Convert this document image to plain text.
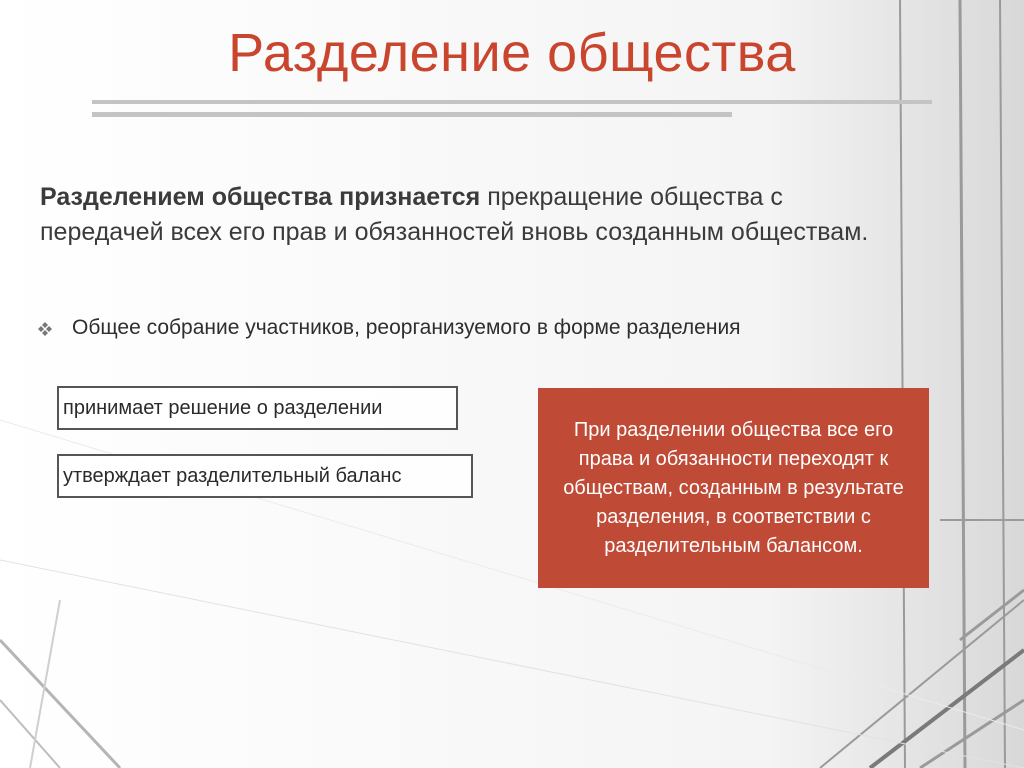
Разделение общества
Разделением общества признается прекращение общества с передачей всех его прав и обязанностей вновь созданным обществам.
Общее собрание участников, реорганизуемого в форме разделения
принимает решение о разделении
утверждает разделительный баланс
При разделении общества все его права и обязанности переходят к обществам, созданным в результате разделения, в соответствии с разделительным балансом.
